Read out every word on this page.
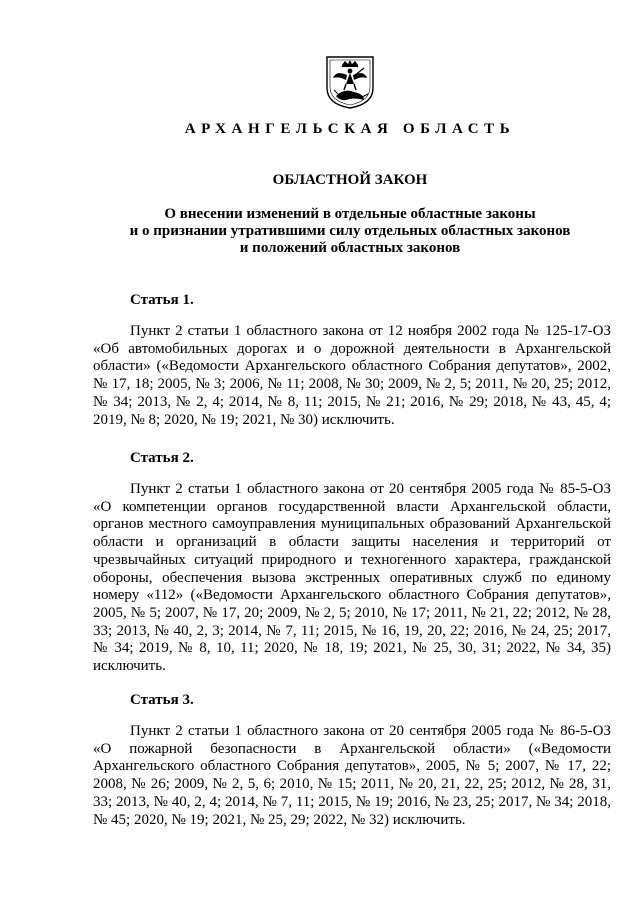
АРХАНГЕЛЬСКАЯ ОБЛАСТЬ
ОБЛАСТНОЙ ЗАКОН
О внесении изменений в отдельные областные законы
и о признании утратившими силу отдельных областных законов
и положений областных законов
Статья 1.

Пункт 2 статьи 1 областного закона от 12 ноября 2002 года № 125-17-ОЗ «Об автомобильных дорогах и о дорожной деятельности в Архангельской области» («Ведомости Архангельского областного Собрания депутатов», 2002, № 17, 18; 2005, № 3; 2006, № 11; 2008, № 30; 2009, № 2, 5; 2011, № 20, 25; 2012, № 34; 2013, № 2, 4; 2014, № 8, 11; 2015, № 21; 2016, № 29; 2018, № 43, 45, 4; 2019, № 8; 2020, № 19; 2021, № 30) исключить.

Статья 2.

Пункт 2 статьи 1 областного закона от 20 сентября 2005 года № 85-5-ОЗ «О компетенции органов государственной власти Архангельской области, органов местного самоуправления муниципальных образований Архангельской области и организаций в области защиты населения и территорий от чрезвычайных ситуаций природного и техногенного характера, гражданской обороны, обеспечения вызова экстренных оперативных служб по единому номеру «112» («Ведомости Архангельского областного Собрания депутатов», 2005, № 5; 2007, № 17, 20; 2009, № 2, 5; 2010, № 17; 2011, № 21, 22; 2012, № 28, 33; 2013, № 40, 2, 3; 2014, № 7, 11; 2015, № 16, 19, 20, 22; 2016, № 24, 25; 2017, № 34; 2019, № 8, 10, 11; 2020, № 18, 19; 2021, № 25, 30, 31; 2022, № 34, 35) исключить.

Статья 3.

Пункт 2 статьи 1 областного закона от 20 сентября 2005 года № 86-5-ОЗ «О пожарной безопасности в Архангельской области» («Ведомости Архангельского областного Собрания депутатов», 2005, № 5; 2007, № 17, 22; 2008, № 26; 2009, № 2, 5, 6; 2010, № 15; 2011, № 20, 21, 22, 25; 2012, № 28, 31, 33; 2013, № 40, 2, 4; 2014, № 7, 11; 2015, № 19; 2016, № 23, 25; 2017, № 34; 2018, № 45; 2020, № 19; 2021, № 25, 29; 2022, № 32) исключить.
